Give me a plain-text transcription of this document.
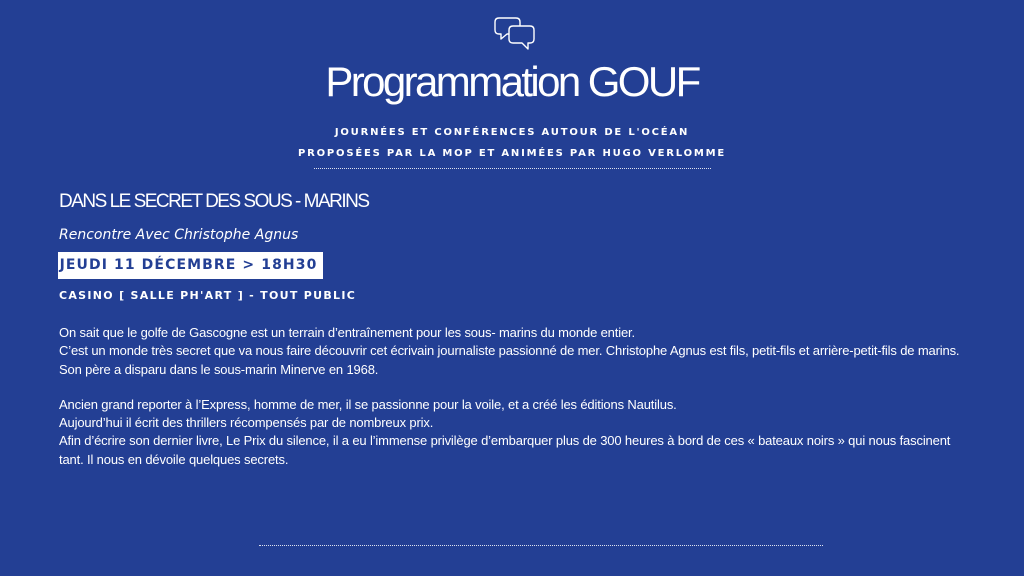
Programmation GOUF
JOURNÉES ET CONFÉRENCES AUTOUR DE L'OCÉAN
PROPOSÉES PAR LA MOP ET ANIMÉES PAR HUGO VERLOMME
DANS LE SECRET DES SOUS - MARINS
Rencontre Avec Christophe Agnus
JEUDI 11 DÉCEMBRE > 18H30
CASINO [ SALLE PH'ART ] - TOUT PUBLIC

On sait que le golfe de Gascogne est un terrain d’entraînement pour les sous- marins du monde entier.

C’est un monde très secret que va nous faire découvrir cet écrivain journaliste passionné de mer. Christophe Agnus est fils, petit-fils et arrière-petit-fils de marins.

Son père a disparu dans le sous-marin Minerve en 1968.

Ancien grand reporter à l’Express, homme de mer, il se passionne pour la voile, et a créé les éditions Nautilus.

Aujourd’hui il écrit des thrillers récompensés par de nombreux prix.

Afin d’écrire son dernier livre, Le Prix du silence, il a eu l’immense privilège d’embarquer plus de 300 heures à bord de ces « bateaux noirs » qui nous fascinent tant. Il nous en dévoile quelques secrets.
